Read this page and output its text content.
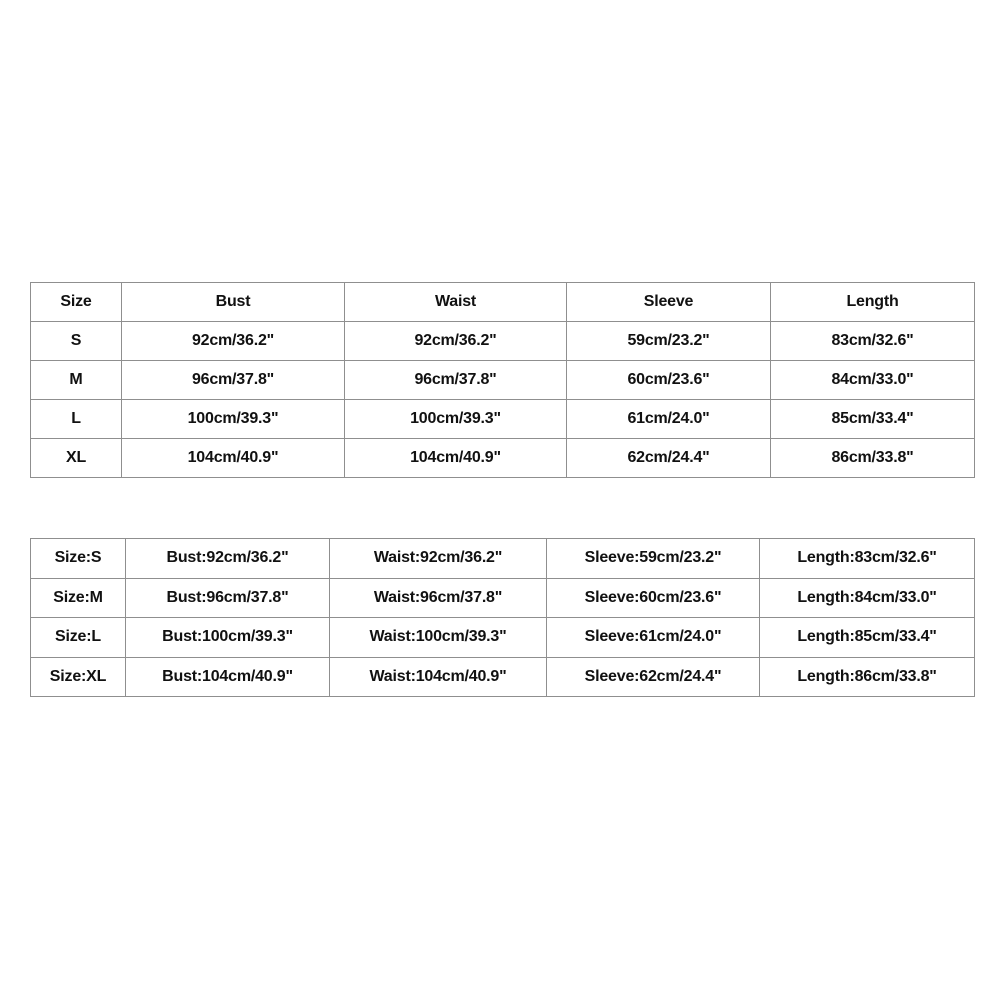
Size	Bust	Waist	Sleeve	Length
S	92cm/36.2"	92cm/36.2"	59cm/23.2"	83cm/32.6"
M	96cm/37.8"	96cm/37.8"	60cm/23.6"	84cm/33.0"
L	100cm/39.3"	100cm/39.3"	61cm/24.0"	85cm/33.4"
XL	104cm/40.9"	104cm/40.9"	62cm/24.4"	86cm/33.8"
Size:S	Bust:92cm/36.2"	Waist:92cm/36.2"	Sleeve:59cm/23.2"	Length:83cm/32.6"
Size:M	Bust:96cm/37.8"	Waist:96cm/37.8"	Sleeve:60cm/23.6"	Length:84cm/33.0"
Size:L	Bust:100cm/39.3"	Waist:100cm/39.3"	Sleeve:61cm/24.0"	Length:85cm/33.4"
Size:XL	Bust:104cm/40.9"	Waist:104cm/40.9"	Sleeve:62cm/24.4"	Length:86cm/33.8"
